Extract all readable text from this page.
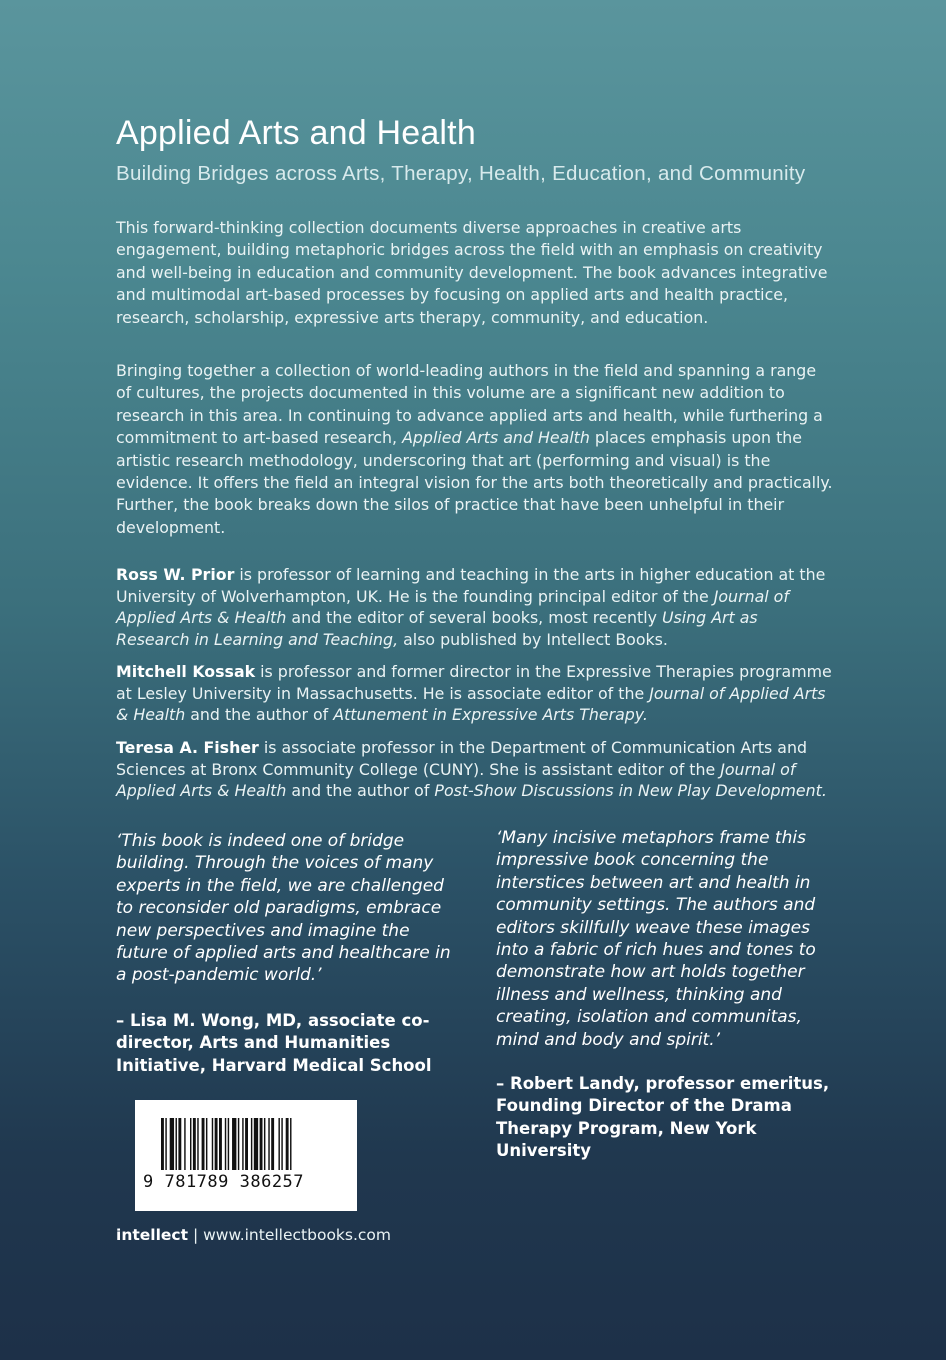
Applied Arts and Health
Building Bridges across Arts, Therapy, Health, Education, and Community

This forward-thinking collection documents diverse approaches in creative arts engagement, building metaphoric bridges across the field with an emphasis on creativity and well-being in education and community development. The book advances integrative and multimodal art-based processes by focusing on applied arts and health practice, research, scholarship, expressive arts therapy, community, and education.

Bringing together a collection of world-leading authors in the field and spanning a range of cultures, the projects documented in this volume are a significant new addition to research in this area. In continuing to advance applied arts and health, while furthering a commitment to art-based research, Applied Arts and Health places emphasis upon the artistic research methodology, underscoring that art (performing and visual) is the evidence. It offers the field an integral vision for the arts both theoretically and practically. Further, the book breaks down the silos of practice that have been unhelpful in their development.

Ross W. Prior is professor of learning and teaching in the arts in higher education at the University of Wolverhampton, UK. He is the founding principal editor of the Journal of Applied Arts & Health and the editor of several books, most recently Using Art as Research in Learning and Teaching, also published by Intellect Books.
Mitchell Kossak is professor and former director in the Expressive Therapies programme at Lesley University in Massachusetts. He is associate editor of the Journal of Applied Arts & Health and the author of Attunement in Expressive Arts Therapy.
Teresa A. Fisher is associate professor in the Department of Communication Arts and Sciences at Bronx Community College (CUNY). She is assistant editor of the Journal of Applied Arts & Health and the author of Post-Show Discussions in New Play Development.
‘This book is indeed one of bridge building. Through the voices of many experts in the field, we are challenged to reconsider old paradigms, embrace new perspectives and imagine the future of applied arts and healthcare in a post-pandemic world.’
– Lisa M. Wong, MD, associate co-director, Arts and Humanities Initiative, Harvard Medical School
‘Many incisive metaphors frame this impressive book concerning the interstices between art and health in community settings. The authors and editors skillfully weave these images into a fabric of rich hues and tones to demonstrate how art holds together illness and wellness, thinking and creating, isolation and communitas, mind and body and spirit.’
– Robert Landy, professor emeritus, Founding Director of the Drama Therapy Program, New York University
9 781789 386257
intellect | www.intellectbooks.com
